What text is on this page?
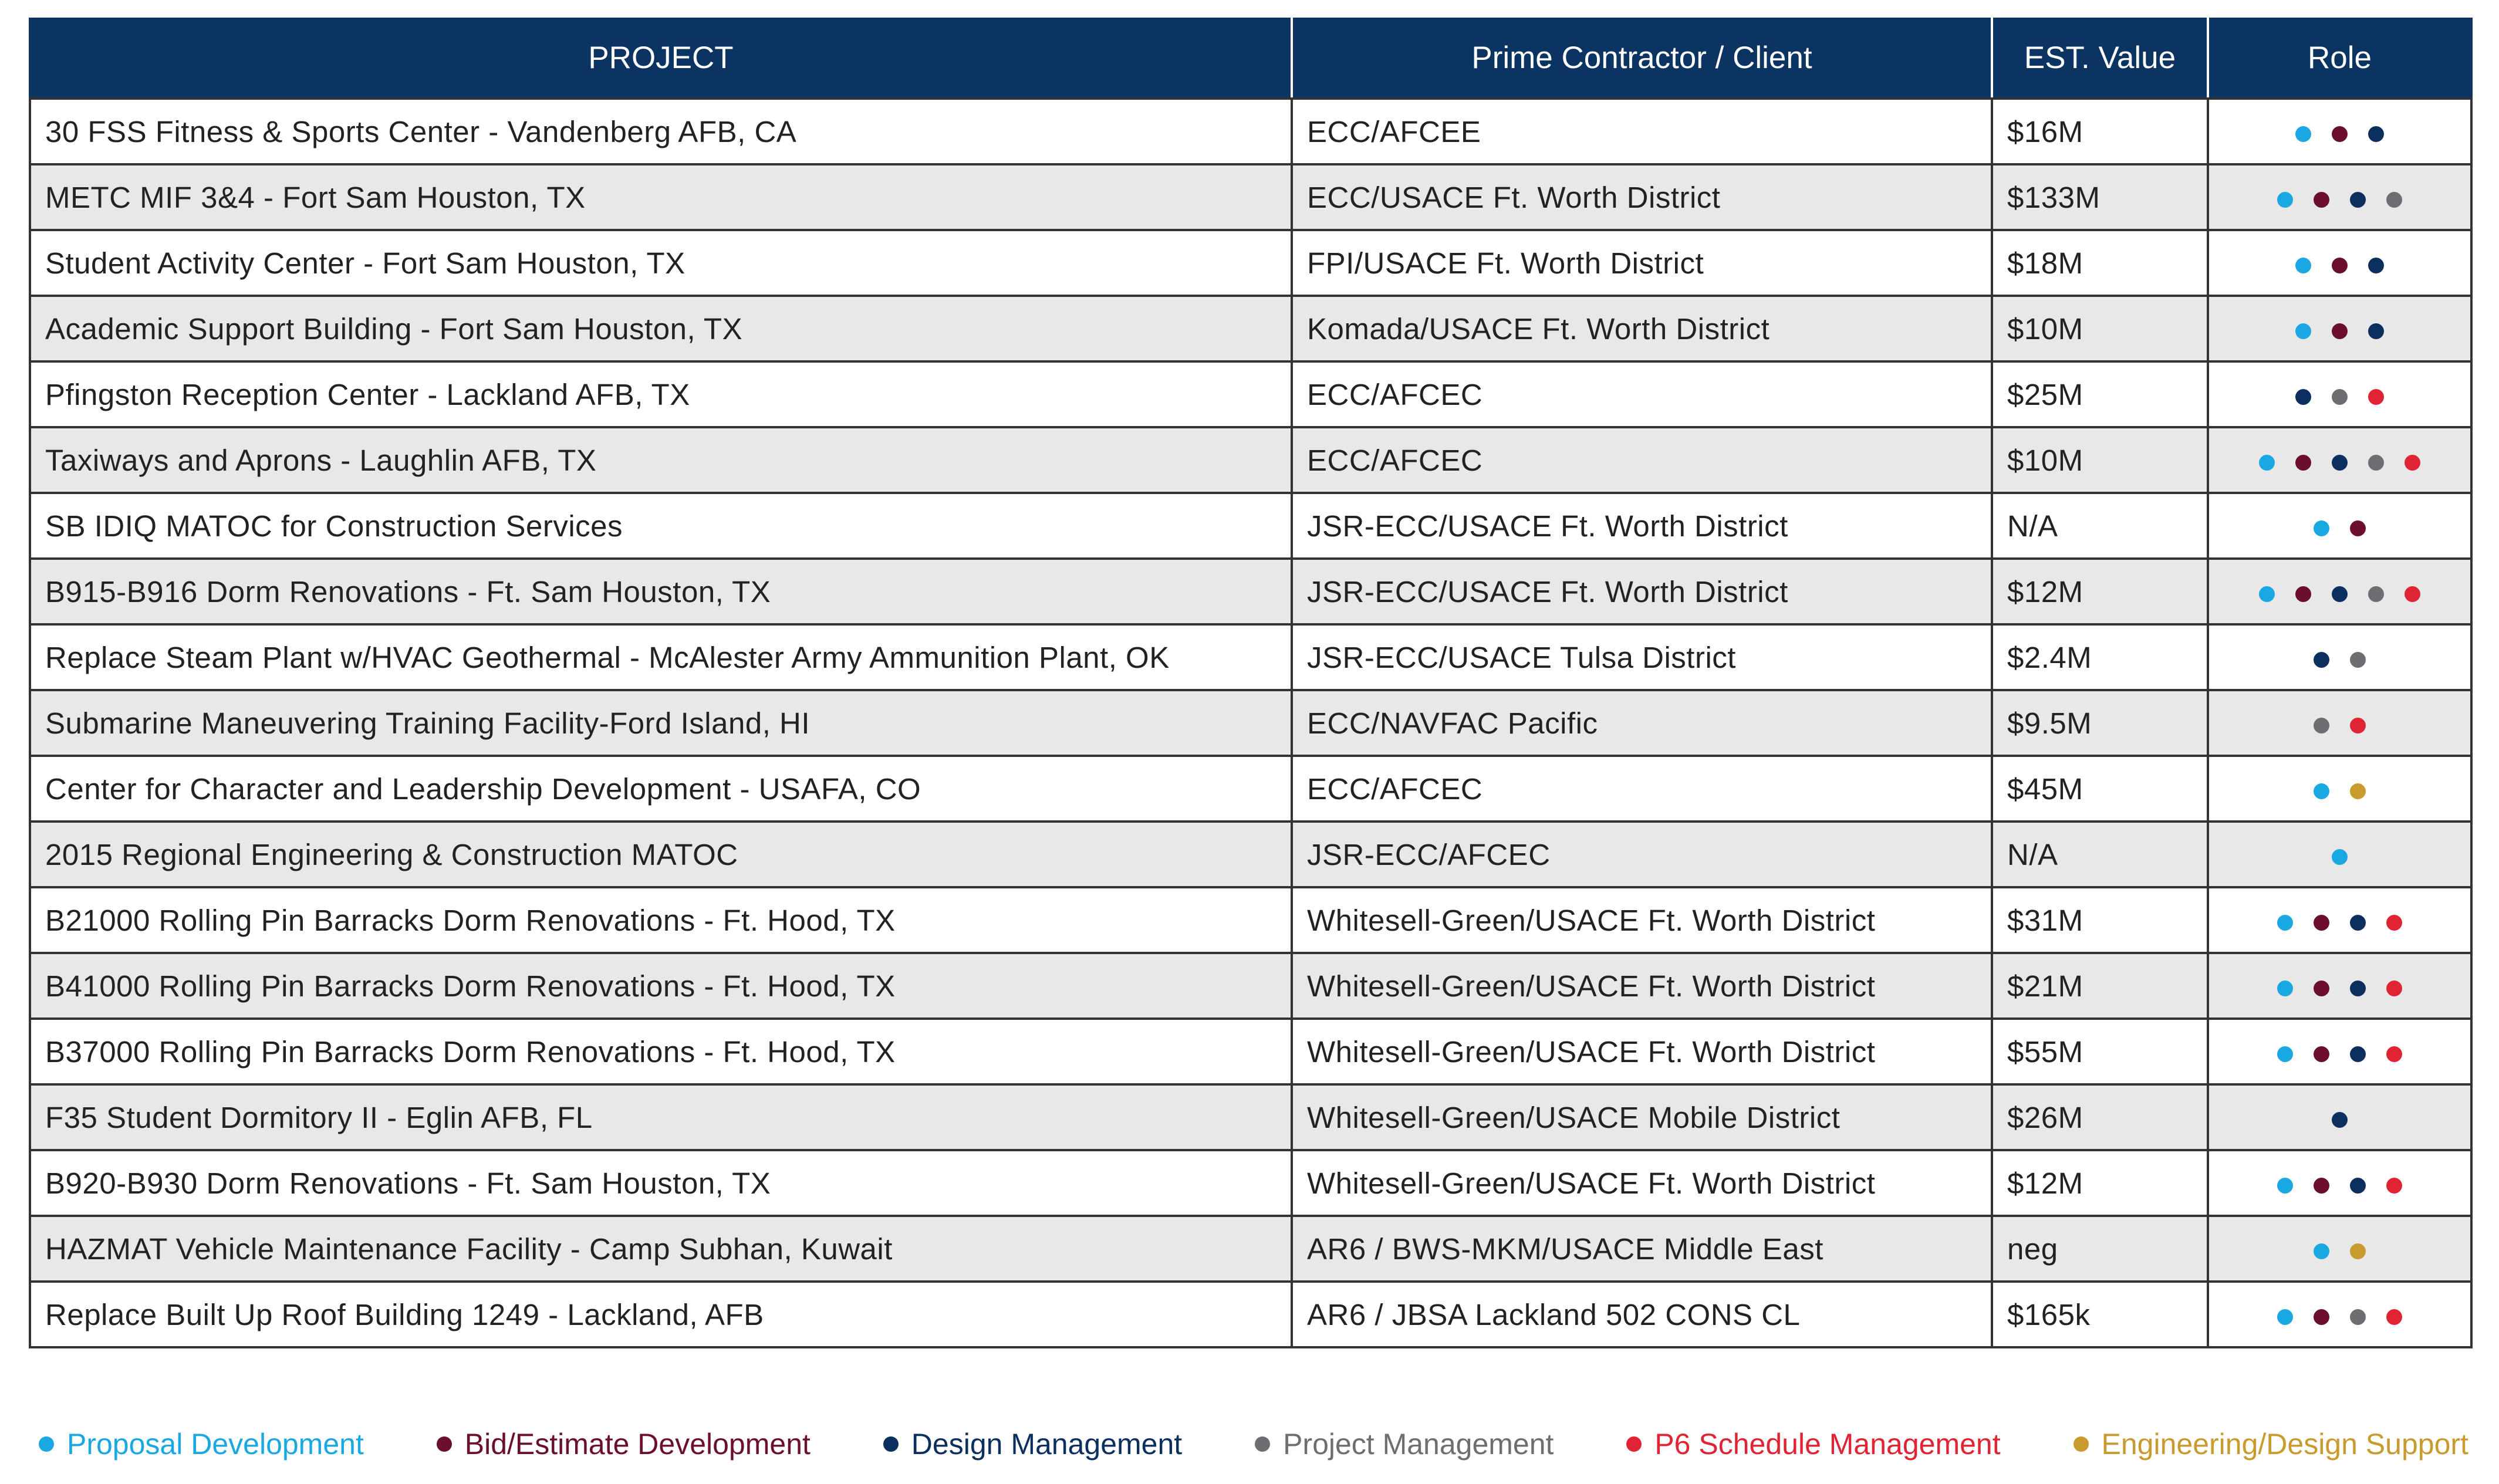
PROJECT	Prime Contractor / Client	EST. Value	Role
30 FSS Fitness & Sports Center - Vandenberg AFB, CA	ECC/AFCEE	$16M	

METC MIF 3&4 - Fort Sam Houston, TX	ECC/USACE Ft. Worth District	$133M	

Student Activity Center - Fort Sam Houston, TX	FPI/USACE Ft. Worth District	$18M	

Academic Support Building - Fort Sam Houston, TX	Komada/USACE Ft. Worth District	$10M	

Pfingston Reception Center - Lackland AFB, TX	ECC/AFCEC	$25M	

Taxiways and Aprons - Laughlin AFB, TX	ECC/AFCEC	$10M	

SB IDIQ MATOC for Construction Services	JSR-ECC/USACE Ft. Worth District	N/A	

B915-B916 Dorm Renovations - Ft. Sam Houston, TX	JSR-ECC/USACE Ft. Worth District	$12M	

Replace Steam Plant w/HVAC Geothermal - McAlester Army Ammunition Plant, OK	JSR-ECC/USACE Tulsa District	$2.4M	

Submarine Maneuvering Training Facility-Ford Island, HI	ECC/NAVFAC Pacific	$9.5M	

Center for Character and Leadership Development - USAFA, CO	ECC/AFCEC	$45M	

2015 Regional Engineering & Construction MATOC	JSR-ECC/AFCEC	N/A	

B21000 Rolling Pin Barracks Dorm Renovations - Ft. Hood, TX	Whitesell-Green/USACE Ft. Worth District	$31M	

B41000 Rolling Pin Barracks Dorm Renovations - Ft. Hood, TX	Whitesell-Green/USACE Ft. Worth District	$21M	

B37000 Rolling Pin Barracks Dorm Renovations - Ft. Hood, TX	Whitesell-Green/USACE Ft. Worth District	$55M	

F35 Student Dormitory II - Eglin AFB, FL	Whitesell-Green/USACE Mobile District	$26M	

B920-B930 Dorm Renovations - Ft. Sam Houston, TX	Whitesell-Green/USACE Ft. Worth District	$12M	

HAZMAT Vehicle Maintenance Facility - Camp Subhan, Kuwait	AR6 / BWS-MKM/USACE Middle East	neg	

Replace Built Up Roof Building 1249 - Lackland, AFB	AR6 / JBSA Lackland 502 CONS CL	$165k	
Proposal Development	Bid/Estimate Development	Design Management	Project Management	P6 Schedule Management	Engineering/Design Support
